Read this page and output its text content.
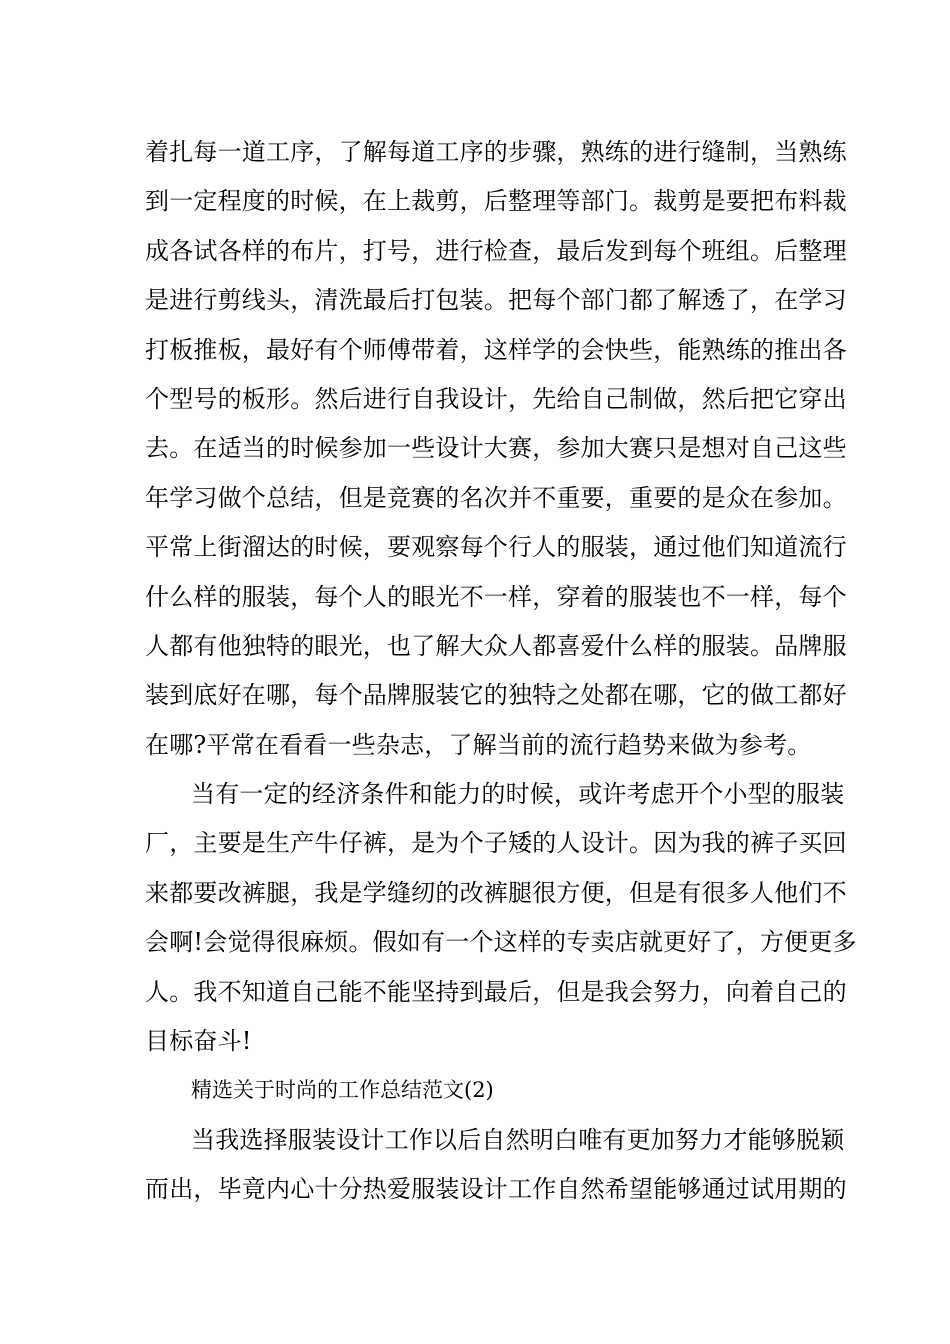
着扎每一道工序，了解每道工序的步骤，熟练的进行缝制，当熟练
到一定程度的时候，在上裁剪，后整理等部门。裁剪是要把布料裁
成各试各样的布片，打号，进行检查，最后发到每个班组。后整理
是进行剪线头，清洗最后打包装。把每个部门都了解透了，在学习
打板推板，最好有个师傅带着，这样学的会快些，能熟练的推出各
个型号的板形。然后进行自我设计，先给自己制做，然后把它穿出
去。在适当的时候参加一些设计大赛，参加大赛只是想对自己这些
年学习做个总结，但是竞赛的名次并不重要，重要的是众在参加。
平常上街溜达的时候，要观察每个行人的服装，通过他们知道流行
什么样的服装，每个人的眼光不一样，穿着的服装也不一样，每个
人都有他独特的眼光，也了解大众人都喜爱什么样的服装。品牌服
装到底好在哪，每个品牌服装它的独特之处都在哪，它的做工都好
在哪?平常在看看一些杂志，了解当前的流行趋势来做为参考。
当有一定的经济条件和能力的时候，或许考虑开个小型的服装
厂，主要是生产牛仔裤，是为个子矮的人设计。因为我的裤子买回
来都要改裤腿，我是学缝纫的改裤腿很方便，但是有很多人他们不
会啊!会觉得很麻烦。假如有一个这样的专卖店就更好了，方便更多
人。我不知道自己能不能坚持到最后，但是我会努力，向着自己的
目标奋斗!
精选关于时尚的工作总结范文(2)
当我选择服装设计工作以后自然明白唯有更加努力才能够脱颖
而出，毕竟内心十分热爱服装设计工作自然希望能够通过试用期的
